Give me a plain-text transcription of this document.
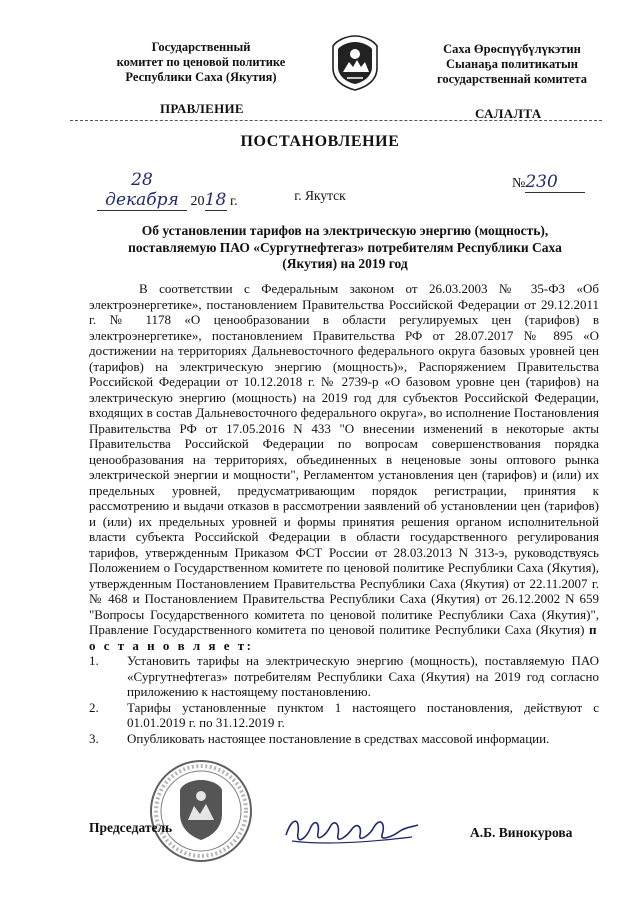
Государственный
комитет по ценовой политике
Республики Саха (Якутия)
Саха Өрөспүүбүлүкэтин
Сыанаҕа политикатын
государственнай комитета
ПРАВЛЕНИЕ	САЛАЛТА
ПОСТАНОВЛЕНИЕ
28 декабря 2018 г.
№230
г. Якутск
Об установлении тарифов на электрическую энергию (мощность), поставляемую ПАО «Сургутнефтегаз» потребителям Республики Саха (Якутия) на 2019 год

В соответствии с Федеральным законом от 26.03.2003 № 35-ФЗ «Об электроэнергетике», постановлением Правительства Российской Федерации от 29.12.2011 г. № 1178 «О ценообразовании в области регулируемых цен (тарифов) в электроэнергетике», постановлением Правительства РФ от 28.07.2017 № 895 «О достижении на территориях Дальневосточного федерального округа базовых уровней цен (тарифов) на электрическую энергию (мощность)», Распоряжением Правительства Российской Федерации от 10.12.2018 г. № 2739-р «О базовом уровне цен (тарифов) на электрическую энергию (мощность) на 2019 год для субъектов Российской Федерации, входящих в состав Дальневосточного федерального округа», во исполнение Постановления Правительства РФ от 17.05.2016 N 433 "О внесении изменений в некоторые акты Правительства Российской Федерации по вопросам совершенствования порядка ценообразования на территориях, объединенных в неценовые зоны оптового рынка электрической энергии и мощности", Регламентом установления цен (тарифов) и (или) их предельных уровней, предусматривающим порядок регистрации, принятия к рассмотрению и выдачи отказов в рассмотрении заявлений об установлении цен (тарифов) и (или) их предельных уровней и формы принятия решения органом исполнительной власти субъекта Российской Федерации в области государственного регулирования тарифов, утвержденным Приказом ФСТ России от 28.03.2013 N 313-э, руководствуясь Положением о Государственном комитете по ценовой политике Республики Саха (Якутия), утвержденным Постановлением Правительства Республики Саха (Якутия) от 22.11.2007 г. № 468 и Постановлением Правительства Республики Саха (Якутия) от 26.12.2002 N 659 "Вопросы Государственного комитета по ценовой политике Республики Саха (Якутия)", Правление Государственного комитета по ценовой политике Республики Саха (Якутия) п о с т а н о в л я е т:

1.	Установить тарифы на электрическую энергию (мощность), поставляемую ПАО «Сургутнефтегаз» потребителям Республики Саха (Якутия) на 2019 год согласно приложению к настоящему постановлению.
2.	Тарифы установленные пунктом 1 настоящего постановления, действуют с 01.01.2019 г. по 31.12.2019 г.
3.	Опубликовать настоящее постановление в средствах массовой информации.
Председатель	А.Б. Винокурова
